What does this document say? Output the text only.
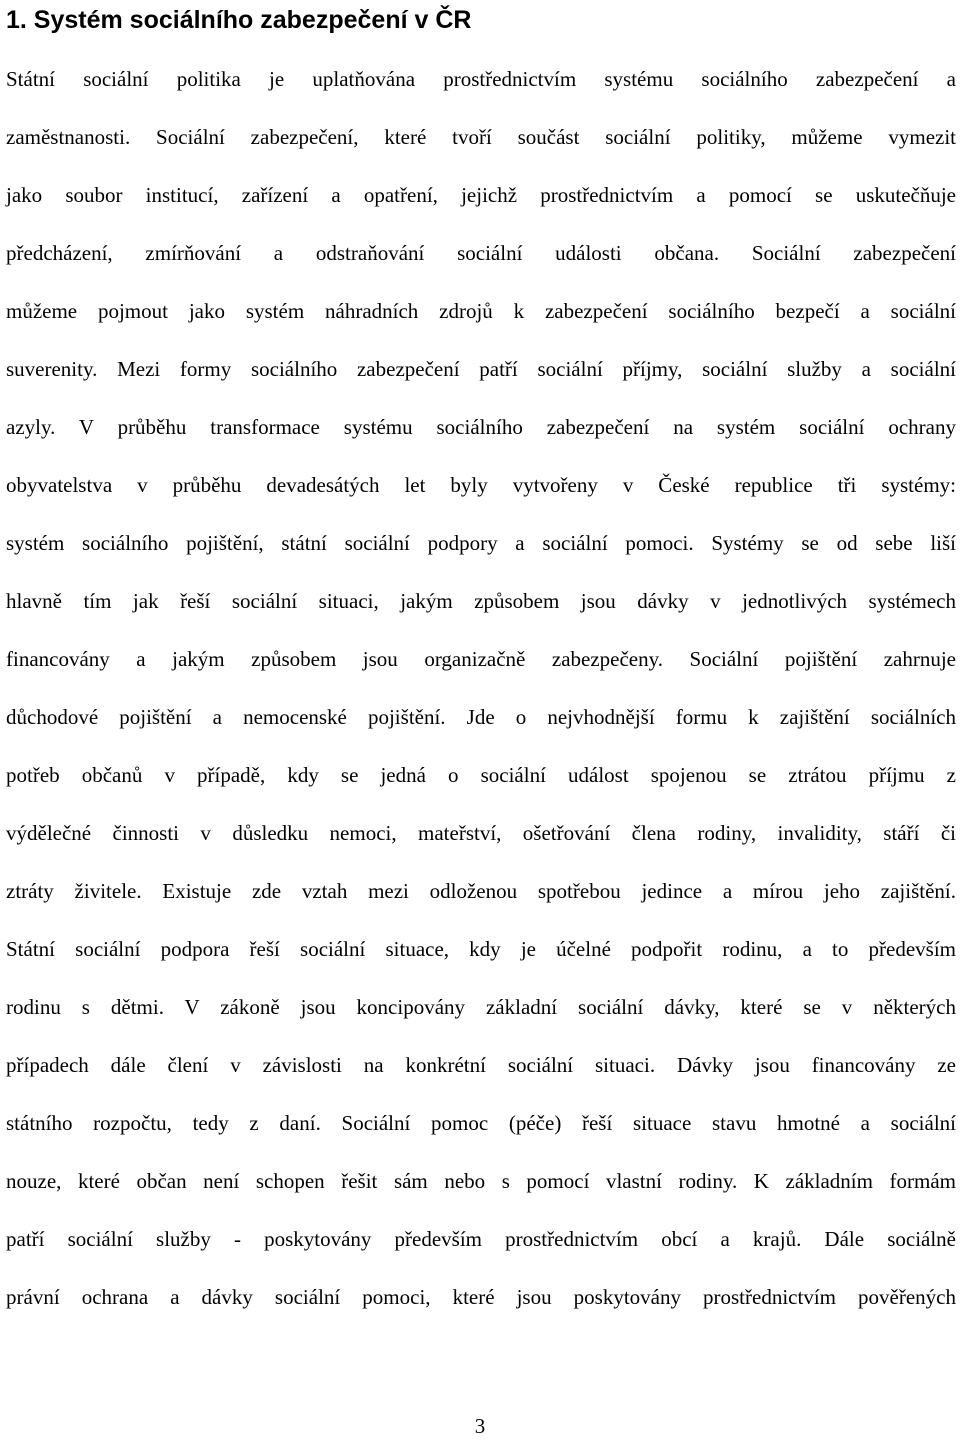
1. Systém sociálního zabezpečení v ČR
Státní sociální politika je uplatňována prostřednictvím systému sociálního zabezpečení a
zaměstnanosti. Sociální zabezpečení, které tvoří součást sociální politiky, můžeme vymezit
jako soubor institucí, zařízení a opatření, jejichž prostřednictvím a pomocí se uskutečňuje
předcházení, zmírňování a odstraňování sociální události občana. Sociální zabezpečení
můžeme pojmout jako systém náhradních zdrojů k zabezpečení sociálního bezpečí a sociální
suverenity. Mezi formy sociálního zabezpečení patří sociální příjmy, sociální služby a sociální
azyly. V průběhu transformace systému sociálního zabezpečení na systém sociální ochrany
obyvatelstva v průběhu devadesátých let byly vytvořeny v České republice tři systémy:
systém sociálního pojištění, státní sociální podpory a sociální pomoci. Systémy se od sebe liší
hlavně tím jak řeší sociální situaci, jakým způsobem jsou dávky v jednotlivých systémech
financovány a jakým způsobem jsou organizačně zabezpečeny. Sociální pojištění zahrnuje
důchodové pojištění a nemocenské pojištění. Jde o nejvhodnější formu k zajištění sociálních
potřeb občanů v případě, kdy se jedná o sociální událost spojenou se ztrátou příjmu z
výdělečné činnosti v důsledku nemoci, mateřství, ošetřování člena rodiny, invalidity, stáří či
ztráty živitele. Existuje zde vztah mezi odloženou spotřebou jedince a mírou jeho zajištění.
Státní sociální podpora řeší sociální situace, kdy je účelné podpořit rodinu, a to především
rodinu s dětmi. V zákoně jsou koncipovány základní sociální dávky, které se v některých
případech dále člení v závislosti na konkrétní sociální situaci. Dávky jsou financovány ze
státního rozpočtu, tedy z daní. Sociální pomoc (péče) řeší situace stavu hmotné a sociální
nouze, které občan není schopen řešit sám nebo s pomocí vlastní rodiny. K základním formám
patří sociální služby - poskytovány především prostřednictvím obcí a krajů. Dále sociálně
právní ochrana a dávky sociální pomoci, které jsou poskytovány prostřednictvím pověřených
3
